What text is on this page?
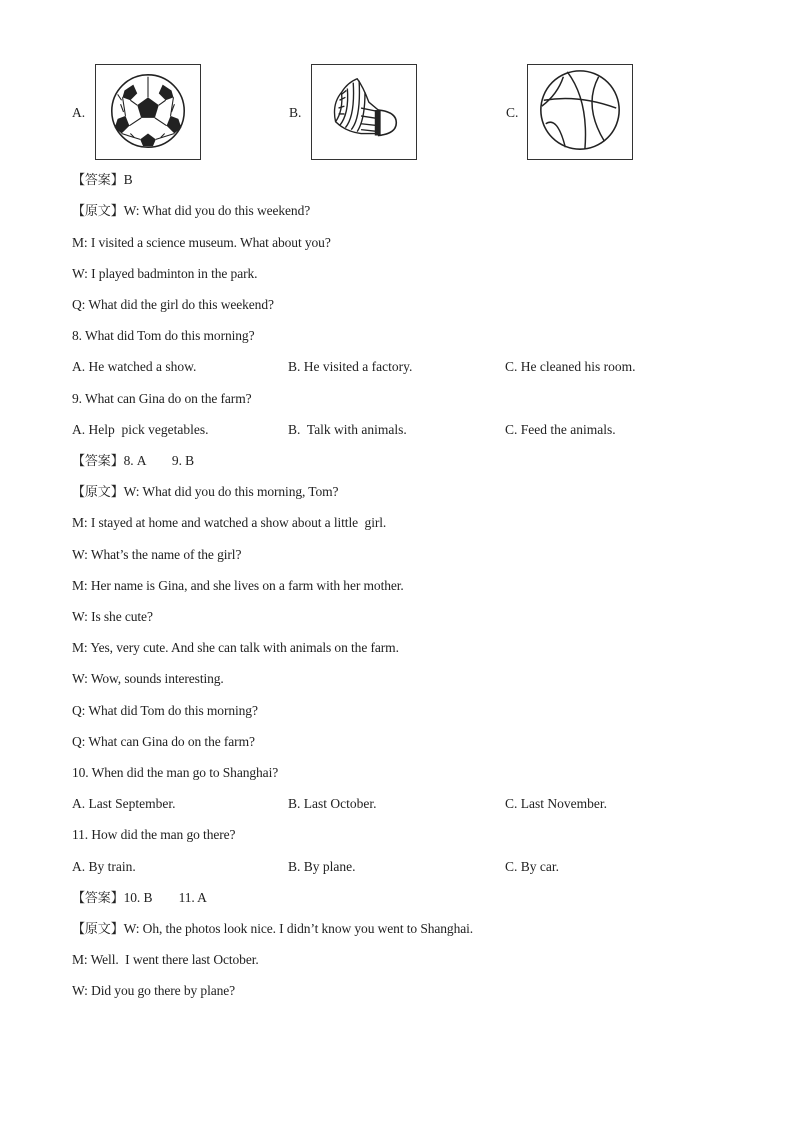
A.	B.	C.
【答案】B
【原文】W: What did you do this weekend?
M: I visited a science museum. What about you?
W: I played badminton in the park.
Q: What did the girl do this weekend?
8. What did Tom do this morning?
A. He watched a show.	B. He visited a factory.	C. He cleaned his room.
9. What can Gina do on the farm?
A. Help  pick vegetables.	B.  Talk with animals.	C. Feed the animals.
【答案】8. A        9. B
【原文】W: What did you do this morning, Tom?
M: I stayed at home and watched a show about a little  girl.
W: What’s the name of the girl?
M: Her name is Gina, and she lives on a farm with her mother.
W: Is she cute?
M: Yes, very cute. And she can talk with animals on the farm.
W: Wow, sounds interesting.
Q: What did Tom do this morning?
Q: What can Gina do on the farm?
10. When did the man go to Shanghai?
A. Last September.	B. Last October.	C. Last November.
11. How did the man go there?
A. By train.	B. By plane.	C. By car.
【答案】10. B        11. A
【原文】W: Oh, the photos look nice. I didn’t know you went to Shanghai.
M: Well.  I went there last October.
W: Did you go there by plane?
